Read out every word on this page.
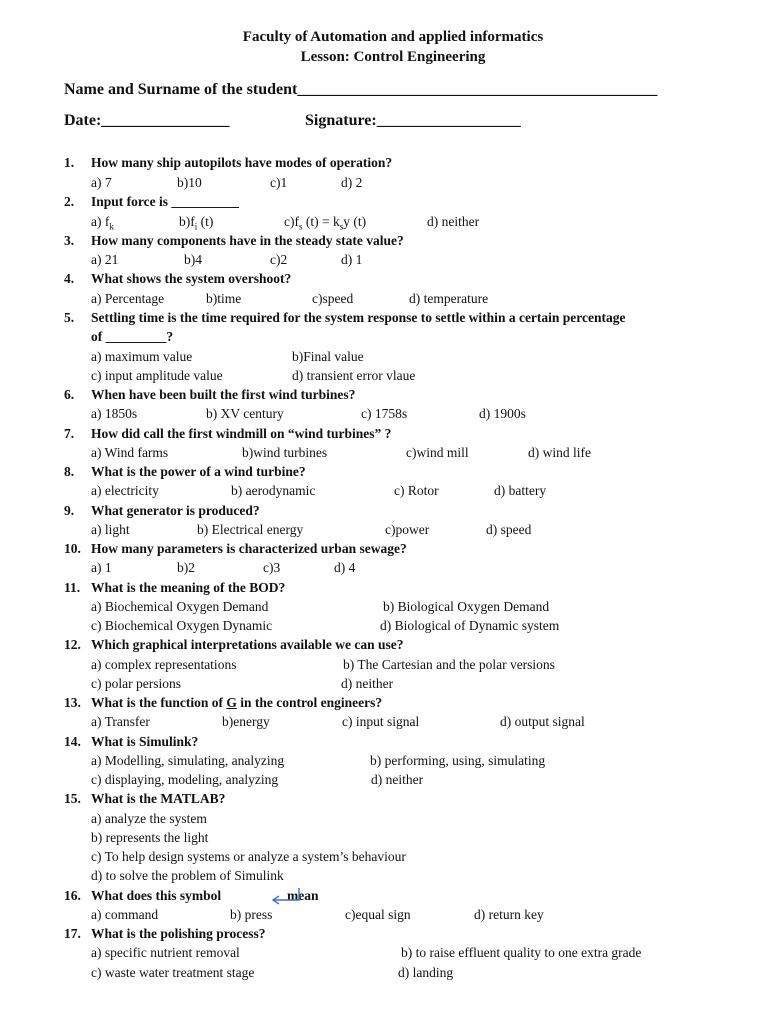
Faculty of Automation and applied informatics
Lesson: Control Engineering
Name and Surname of the student_____________________________________________
Date:________________	Signature:__________________
1. How many ship autopilots have modes of operation?
a) 7	b)10	c)1	d) 2
2. Input force is __________
a) $f_k$	$b)f_i$ (t)	$c)f_s$ $(t) = k_sy$ (t)	d) neither
3. How many components have in the steady state value?
a) 21	b)4	c)2	d) 1
4. What shows the system overshoot?
a) Percentage	b)time	c)speed	d) temperature
5. Settling time is the time required for the system response to settle within a certain percentage
of _________?
a) maximum value	b)Final value
c) input amplitude value	d) transient error vlaue
6. When have been built the first wind turbines?
a) 1850s	b) XV century	c) 1758s	d) 1900s
7. How did call the first windmill on “wind turbines” ?
a) Wind farms	b)wind turbines	c)wind mill	d) wind life
8. What is the power of a wind turbine?
a) electricity	b) aerodynamic	c) Rotor	d) battery
9. What generator is produced?
a) light	b) Electrical energy	c)power	d) speed
10. How many parameters is characterized urban sewage?
a) 1	b)2	c)3	d) 4
11. What is the meaning of the BOD?
a) Biochemical Oxygen Demand	b) Biological Oxygen Demand
c) Biochemical Oxygen Dynamic	d) Biological of Dynamic system
12. Which graphical interpretations available we can use?
a) complex representations	b) The Cartesian and the polar versions
c) polar persions	d) neither
13. What is the function of G in the control engineers?
a) Transfer	b)energy	c) input signal	d) output signal
14. What is Simulink?
a) Modelling, simulating, analyzing	b) performing, using, simulating
c) displaying, modeling, analyzing	d) neither
15. What is the MATLAB?
a) analyze the system
b) represents the light
c) To help design systems or analyze a system’s behaviour
d) to solve the problem of Simulink
16. What does this symbol	mean
a) command	b) press	c)equal sign	d) return key
17. What is the polishing process?
a) specific nutrient removal	b) to raise effluent quality to one extra grade
c) waste water treatment stage	d) landing
